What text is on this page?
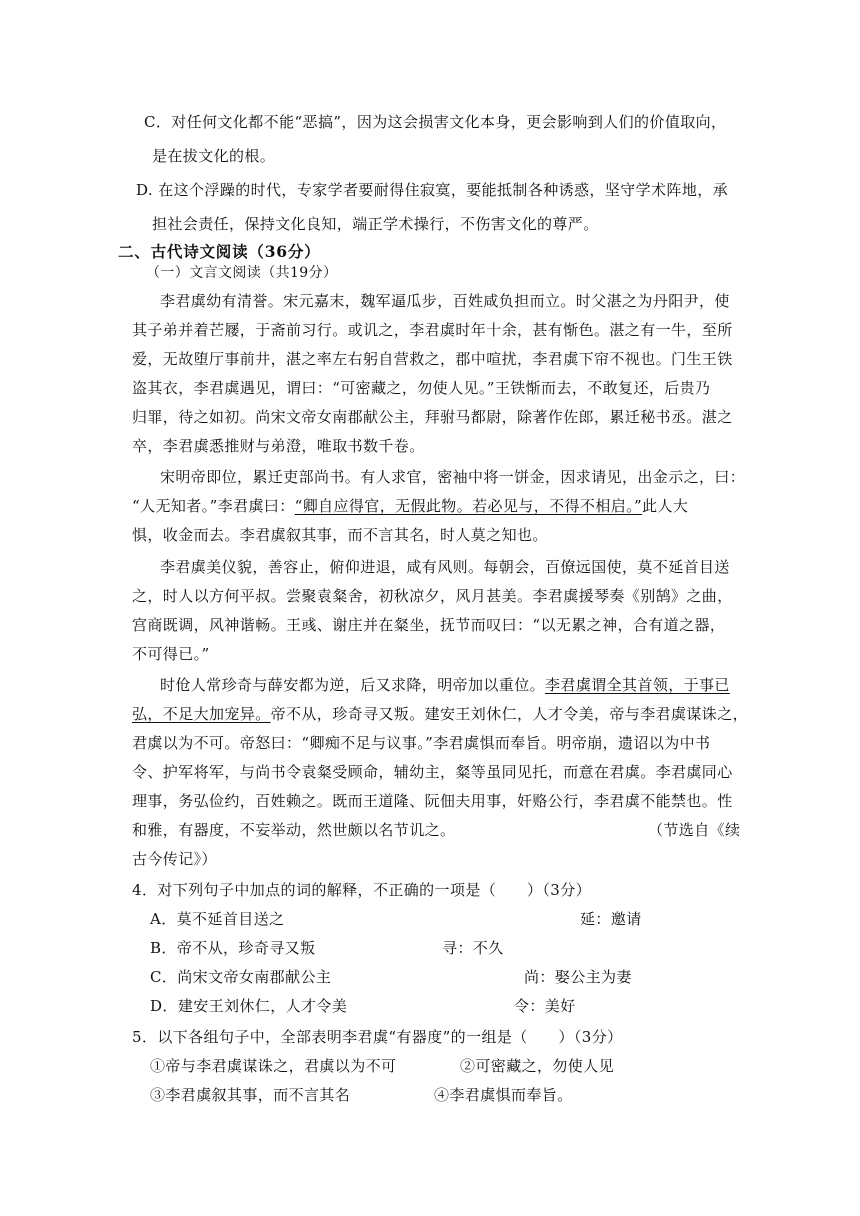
C．对任何文化都不能“恶搞”，因为这会损害文化本身，更会影响到人们的价值取向，
是在拔文化的根。
D. 在这个浮躁的时代，专家学者要耐得住寂寞，要能抵制各种诱惑，坚守学术阵地，承
担社会责任，保持文化良知，端正学术操行，不伤害文化的尊严。
二、古代诗文阅读（36分）
（一）文言文阅读（共19分）
李君虡幼有清誉。宋元嘉末，魏军逼瓜步，百姓咸负担而立。时父湛之为丹阳尹，使
其子弟并着芒屦，于斋前习行。或讥之，李君虡时年十余，甚有惭色。湛之有一牛，至所
爱，无故堕厅事前井，湛之率左右躬自营救之，郡中喧扰，李君虡下帘不视也。门生王铁
盗其衣，李君虡遇见，谓曰：“可密藏之，勿使人见。”王铁惭而去，不敢复还，后贵乃
归罪，待之如初。尚宋文帝女南郡献公主，拜驸马都尉，除著作佐郎，累迁秘书丞。湛之
卒，李君虡悉推财与弟澄，唯取书数千卷。
宋明帝即位，累迁吏部尚书。有人求官，密袖中将一饼金，因求请见，出金示之，曰：
“人无知者。”李君虡曰：“卿自应得官，无假此物。若必见与，不得不相启。”此人大
惧，收金而去。李君虡叙其事，而不言其名，时人莫之知也。
李君虡美仪貌，善容止，俯仰进退，咸有风则。每朝会，百僚远国使，莫不延首目送
之，时人以方何平叔。尝聚袁粲舍，初秋凉夕，风月甚美。李君虡援琴奏《别鹄》之曲，
宫商既调，风神谐畅。王彧、谢庄并在粲坐，抚节而叹曰：“以无累之神，合有道之器，
不可得已。”
时伧人常珍奇与薛安都为逆，后又求降，明帝加以重位。李君虡谓全其首领，于事已
弘，不足大加宠异。帝不从，珍奇寻又叛。建安王刘休仁，人才令美，帝与李君虡谋诛之，
君虡以为不可。帝怒曰：“卿痴不足与议事。”李君虡惧而奉旨。明帝崩，遗诏以为中书
令、护军将军，与尚书令袁粲受顾命，辅幼主，粲等虽同见托，而意在君虡。李君虡同心
理事，务弘俭约，百姓赖之。既而王道隆、阮佃夫用事，奸赂公行，李君虡不能禁也。性
和雅，有器度，不妄举动，然世颇以名节讥之。	（节选自《续
古今传记》）
4．对下列句子中加点的词的解释，不正确的一项是（　　）（3分）
A．莫不延首目送之	延：邀请
B．帝不从，珍奇寻又叛	寻：不久
C．尚宋文帝女南郡献公主	尚：娶公主为妻
D．建安王刘休仁，人才令美	令：美好
5．以下各组句子中，全部表明李君虡“有器度”的一组是（　　）（3分）
①帝与李君虡谋诛之，君虡以为不可	②可密藏之，勿使人见
③李君虡叙其事，而不言其名	④李君虡惧而奉旨。
